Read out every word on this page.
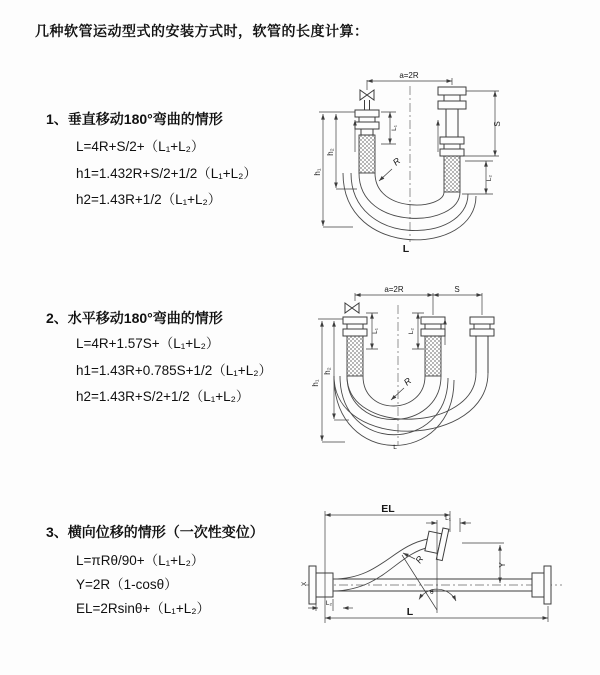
几种软管运动型式的安装方式时，软管的长度计算：
1、垂直移动180°弯曲的情形
L=4R+S/2+（L₁+L₂）
h1=1.432R+S/2+1/2（L₁+L₂）
h2=1.43R+1/2（L₁+L₂）
2、水平移动180°弯曲的情形
L=4R+1.57S+（L₁+L₂）
h1=1.43R+0.785S+1/2（L₁+L₂）
h2=1.43R+S/2+1/2（L₁+L₂）
3、横向位移的情形（一次性变位）
L=πRθ/90+（L₁+L₂）
Y=2R（1-cosθ）
EL=2Rsinθ+（L₁+L₂）
a=2R
h₁
h₂
L₁
S
L₂
R
L
a=2R	S
h₁
h₂
L₁	L₂
R
L
EL
L₁
Y
R
θ
X
L₂
L
